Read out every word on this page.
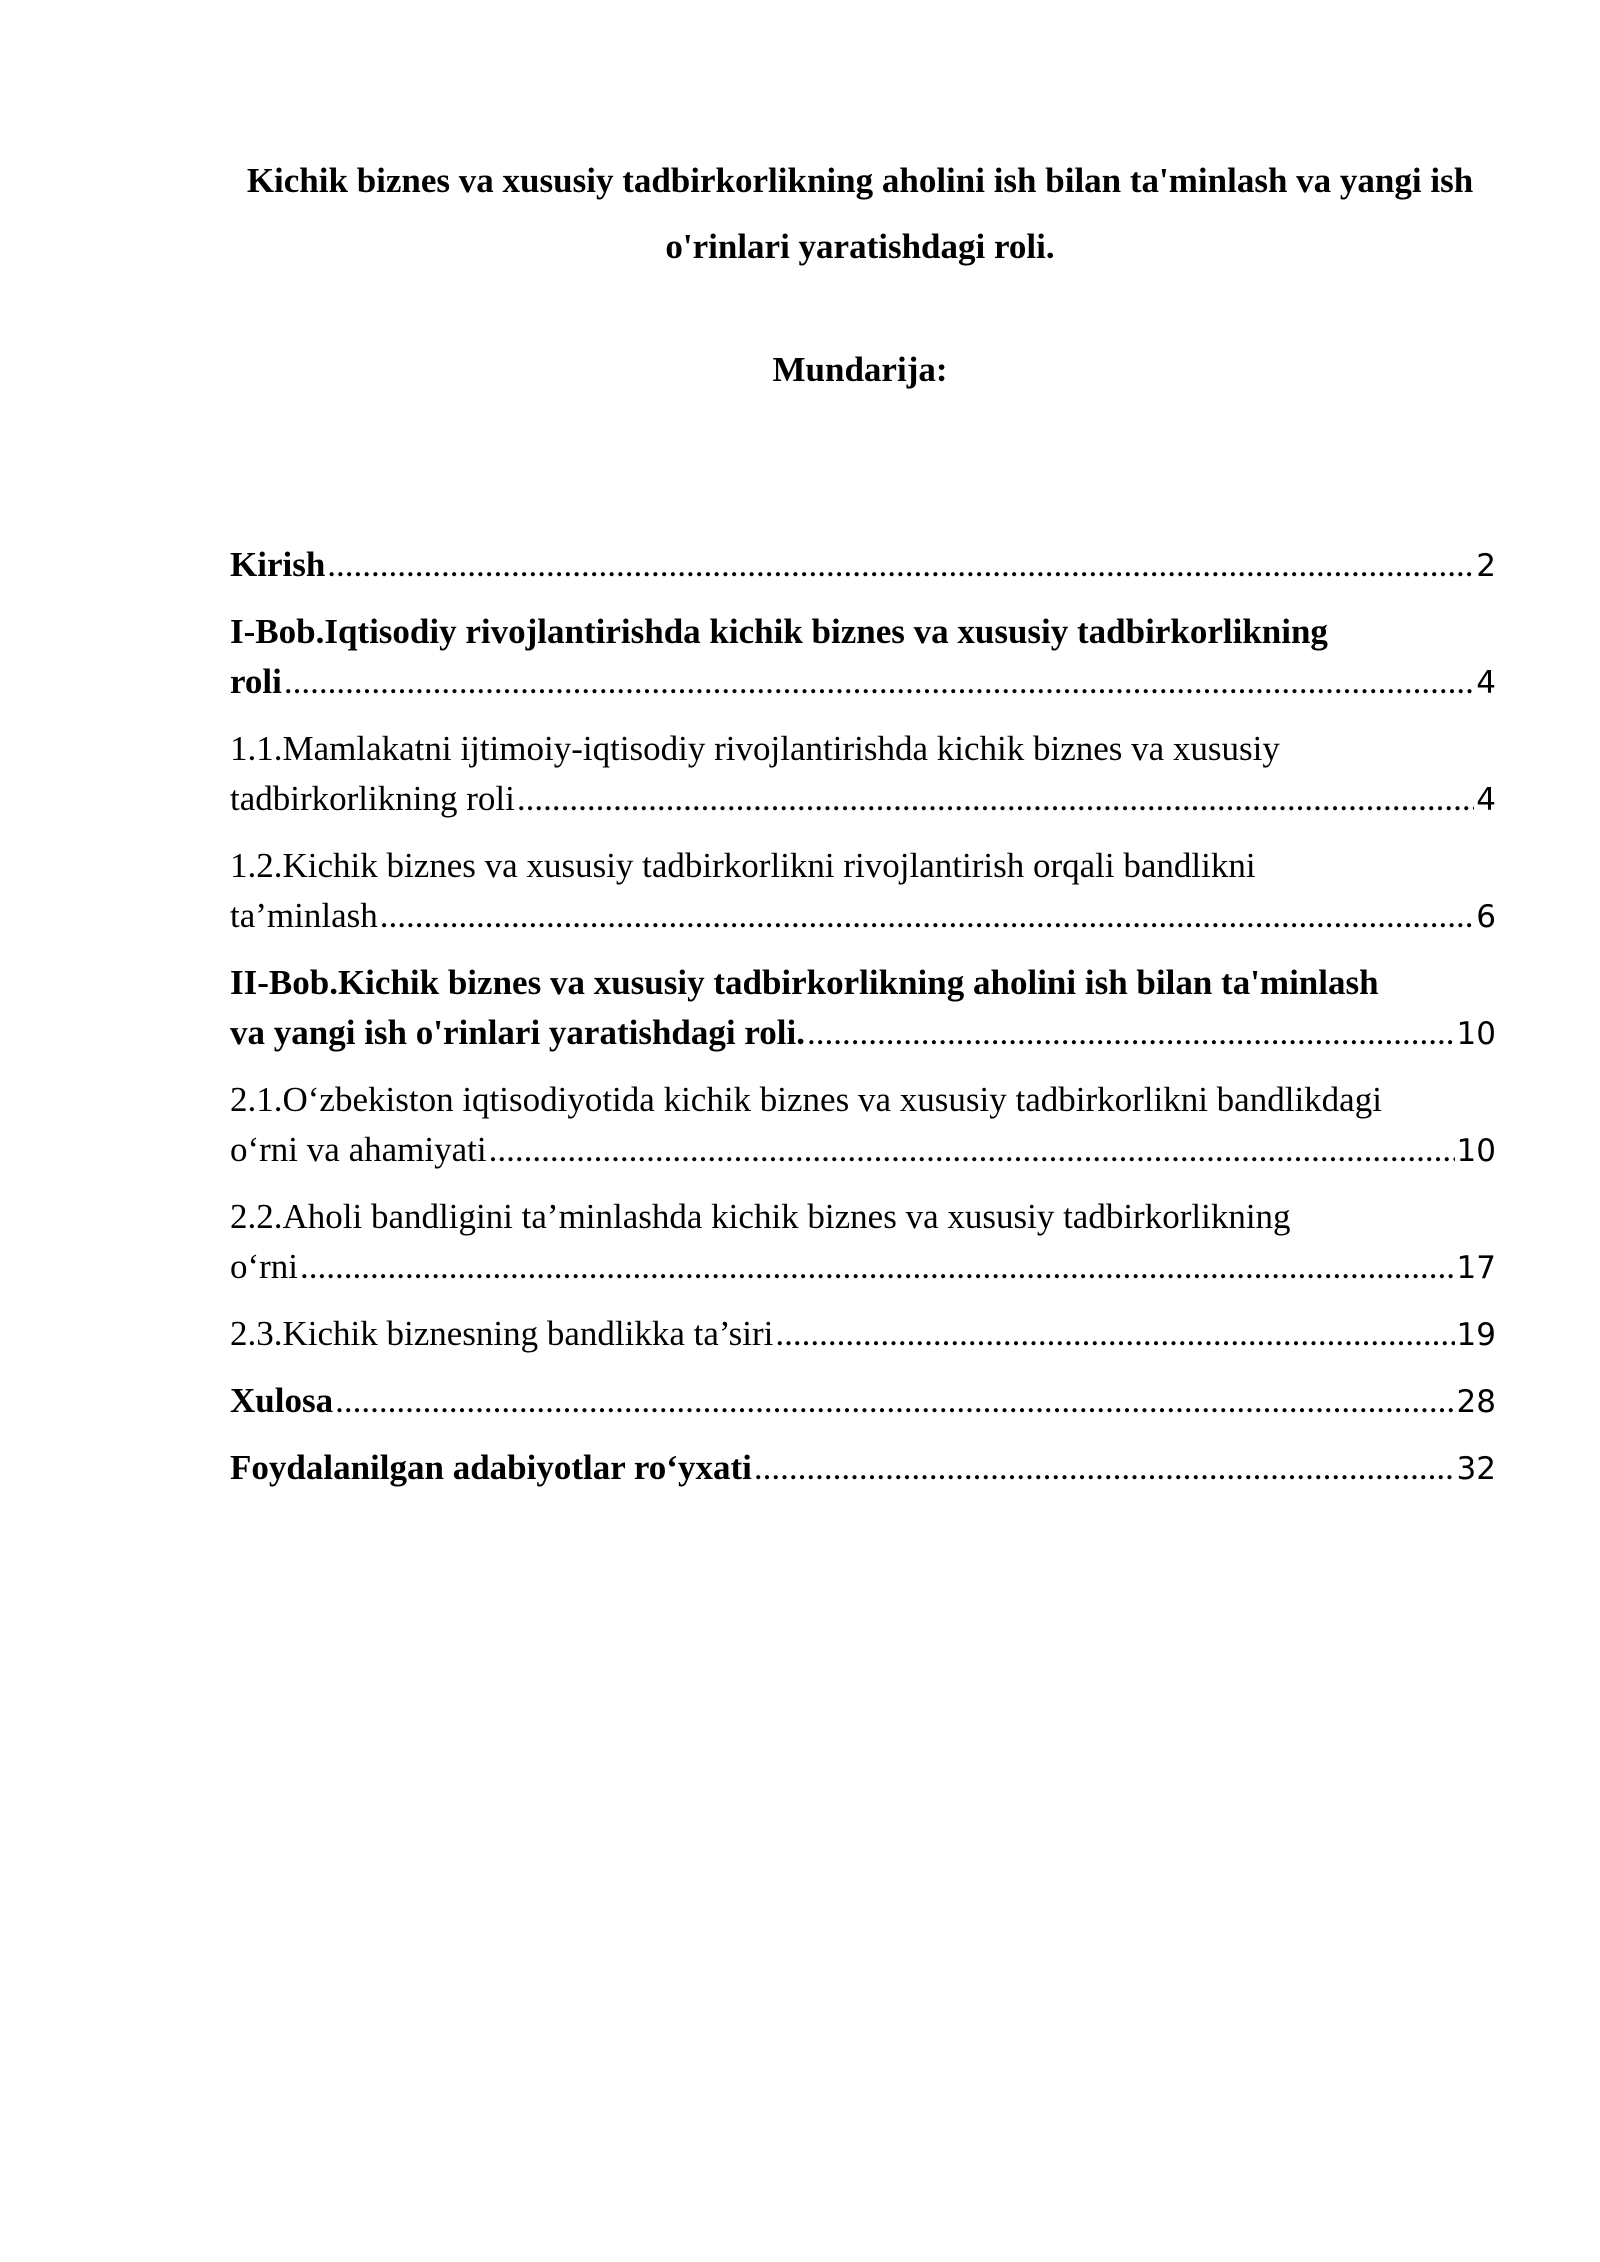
Kichik biznes va xususiy tadbirkorlikning aholini ish bilan ta'minlash va yangi ish o'rinlari yaratishdagi roli.
Mundarija:
Kirish .....	2
I-Bob.Iqtisodiy rivojlantirishda kichik biznes va xususiy tadbirkorlikning
roli .....	4
1.1.Mamlakatni ijtimoiy-iqtisodiy rivojlantirishda kichik biznes va xususiy
tadbirkorlikning roli .....	4
1.2.Kichik biznes va xususiy tadbirkorlikni rivojlantirish orqali bandlikni
ta’minlash .....	6
II-Bob.Kichik biznes va xususiy tadbirkorlikning aholini ish bilan ta'minlash
va yangi ish o'rinlari yaratishdagi roli. .....	10
2.1.O‘zbekiston iqtisodiyotida kichik biznes va xususiy tadbirkorlikni bandlikdagi
o‘rni va ahamiyati .....	10
2.2.Aholi bandligini ta’minlashda kichik biznes va xususiy tadbirkorlikning
o‘rni .....	17
2.3.Kichik biznesning bandlikka ta’siri .....	19
Xulosa .....	28
Foydalanilgan adabiyotlar ro‘yxati .....	32
